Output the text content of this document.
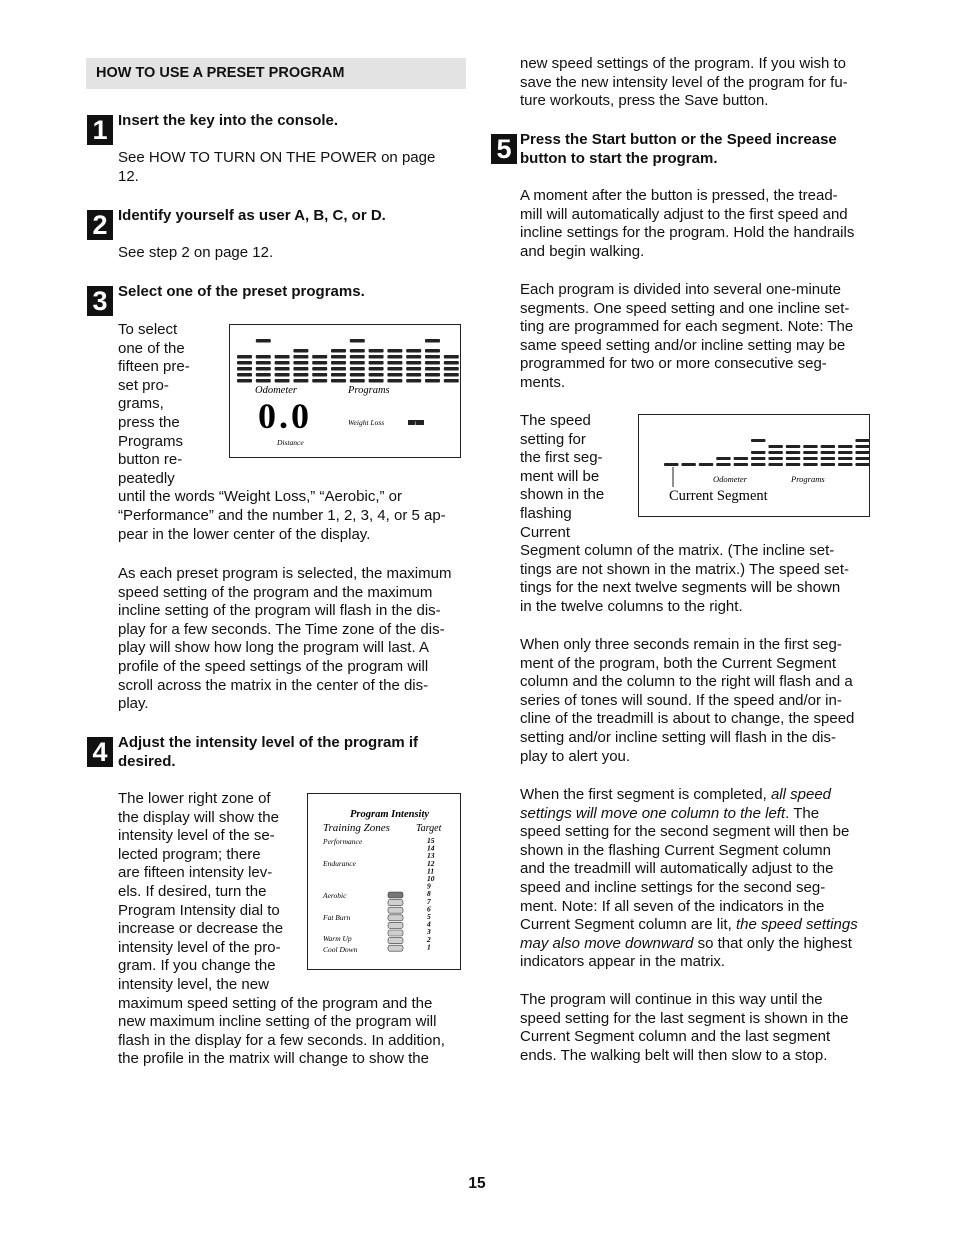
HOW TO USE A PRESET PROGRAM
1 Insert the key into the console.

See HOW TO TURN ON THE POWER on page
12.
2 Identify yourself as user A, B, C, or D.

See step 2 on page 12.
3 Select one of the preset programs.

To select
one of the
fifteen pre-
set pro-
grams,
press the
Programs
button re-
peatedly
until the words “Weight Loss,” “Aerobic,” or
“Performance” and the number 1, 2, 3, 4, or 5 ap-
pear in the lower center of the display.
As each preset program is selected, the maximum
speed setting of the program and the maximum
incline setting of the program will flash in the dis-
play for a few seconds. The Time zone of the dis-
play will show how long the program will last. A
profile of the speed settings of the program will
scroll across the matrix in the center of the dis-
play.
Odometer	Programs
0.0
Distance
Weight Loss	1
4 Adjust the intensity level of the program if
desired.
The lower right zone of
the display will show the
intensity level of the se-
lected program; there
are fifteen intensity lev-
els. If desired, turn the
Program Intensity dial to
increase or decrease the
intensity level of the pro-
gram. If you change the
intensity level, the new
maximum speed setting of the program and the
new maximum incline setting of the program will
flash in the display for a few seconds. In addition,
the profile in the matrix will change to show the
Program Intensity
Training Zones	Target
Performance
Endurance
Aerobic
Fat Burn
Warm Up
Cool Down
15
14
13
12
11
10
9
8
7
6
5
4
3
2
1
new speed settings of the program. If you wish to
save the new intensity level of the program for fu-
ture workouts, press the Save button.
5 Press the Start button or the Speed increase
button to start the program.
A moment after the button is pressed, the tread-
mill will automatically adjust to the first speed and
incline settings for the program. Hold the handrails
and begin walking.
Each program is divided into several one-minute
segments. One speed setting and one incline set-
ting are programmed for each segment. Note: The
same speed setting and/or incline setting may be
programmed for two or more consecutive seg-
ments.
The speed
setting for
the first seg-
ment will be
shown in the
flashing
Current
Segment column of the matrix. (The incline set-
tings are not shown in the matrix.) The speed set-
tings for the next twelve segments will be shown
in the twelve columns to the right.
Odometer	Programs
Current Segment
When only three seconds remain in the first seg-
ment of the program, both the Current Segment
column and the column to the right will flash and a
series of tones will sound. If the speed and/or in-
cline of the treadmill is about to change, the speed
setting and/or incline setting will flash in the dis-
play to alert you.
When the first segment is completed, all speed
settings will move one column to the left. The
speed setting for the second segment will then be
shown in the flashing Current Segment column
and the treadmill will automatically adjust to the
speed and incline settings for the second seg-
ment. Note: If all seven of the indicators in the
Current Segment column are lit, the speed settings
may also move downward so that only the highest
indicators appear in the matrix.
The program will continue in this way until the
speed setting for the last segment is shown in the
Current Segment column and the last segment
ends. The walking belt will then slow to a stop.
15
